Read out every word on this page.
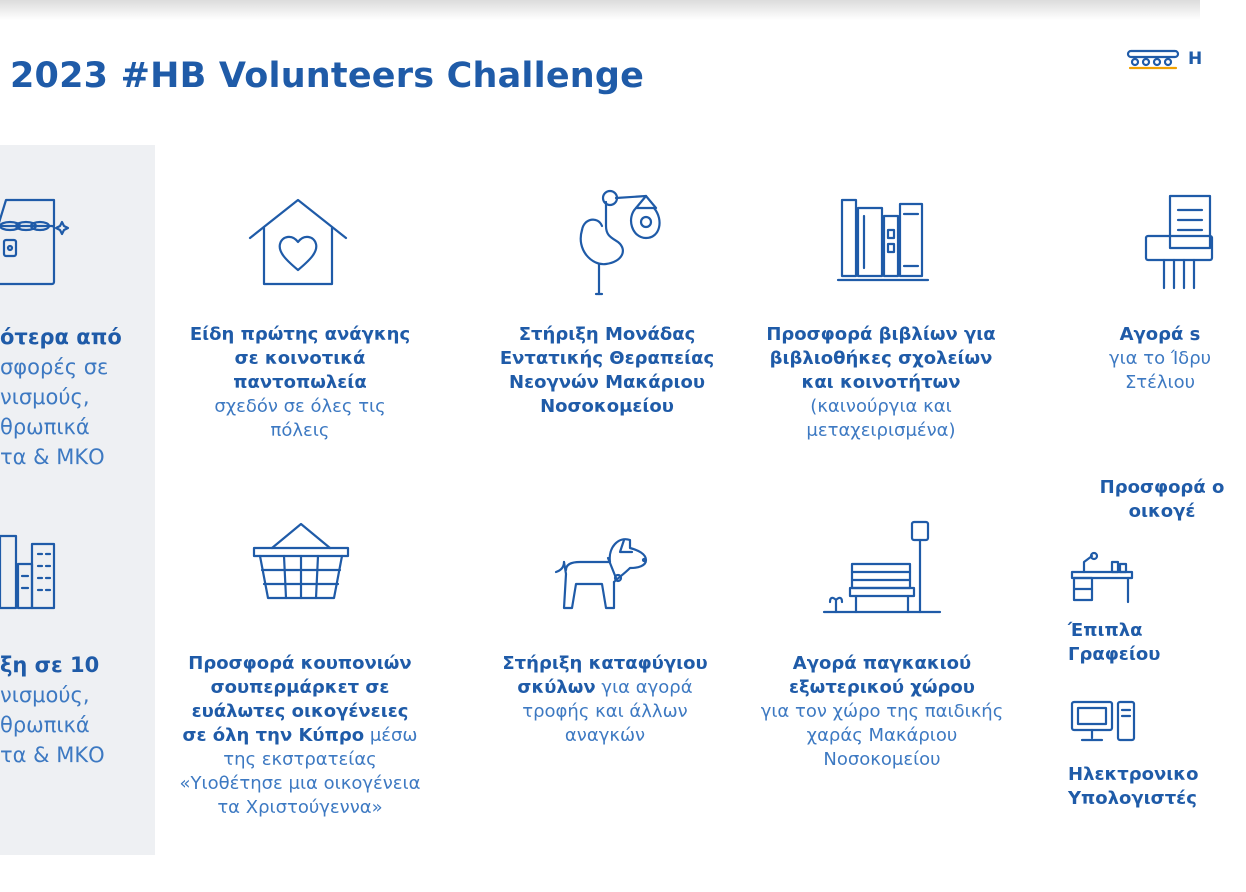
2023 #HB Volunteers Challenge	Η
ότερα από
σφορές σε
νισμούς,
θρωπικά
τα & ΜΚΟ
ξη σε 10
νισμούς,
θρωπικά
τα & ΜΚΟ
Είδη πρώτης ανάγκης σε κοινοτικά παντοπωλεία
σχεδόν σε όλες τις πόλεις
Στήριξη Μονάδας Εντατικής Θεραπείας Νεογνών Μακάριου Νοσοκομείου
Προσφορά βιβλίων για βιβλιοθήκες σχολείων και κοινοτήτων
(καινούργια και μεταχειρισμένα)
Αγορά s
για το Ίδρυ Στέλιου
Προσφορά ο οικογέ
Προσφορά κουπονιών σουπερμάρκετ σε ευάλωτες οικογένειες σε όλη την Κύπρο μέσω της εκστρατείας «Υιοθέτησε μια οικογένεια τα Χριστούγεννα»
Στήριξη καταφύγιου σκύλων για αγορά τροφής και άλλων αναγκών
Αγορά παγκακιού εξωτερικού χώρου
για τον χώρο της παιδικής χαράς Μακάριου Νοσοκομείου
Έπιπλα Γραφείου
Ηλεκτρονικο Υπολογιστές
